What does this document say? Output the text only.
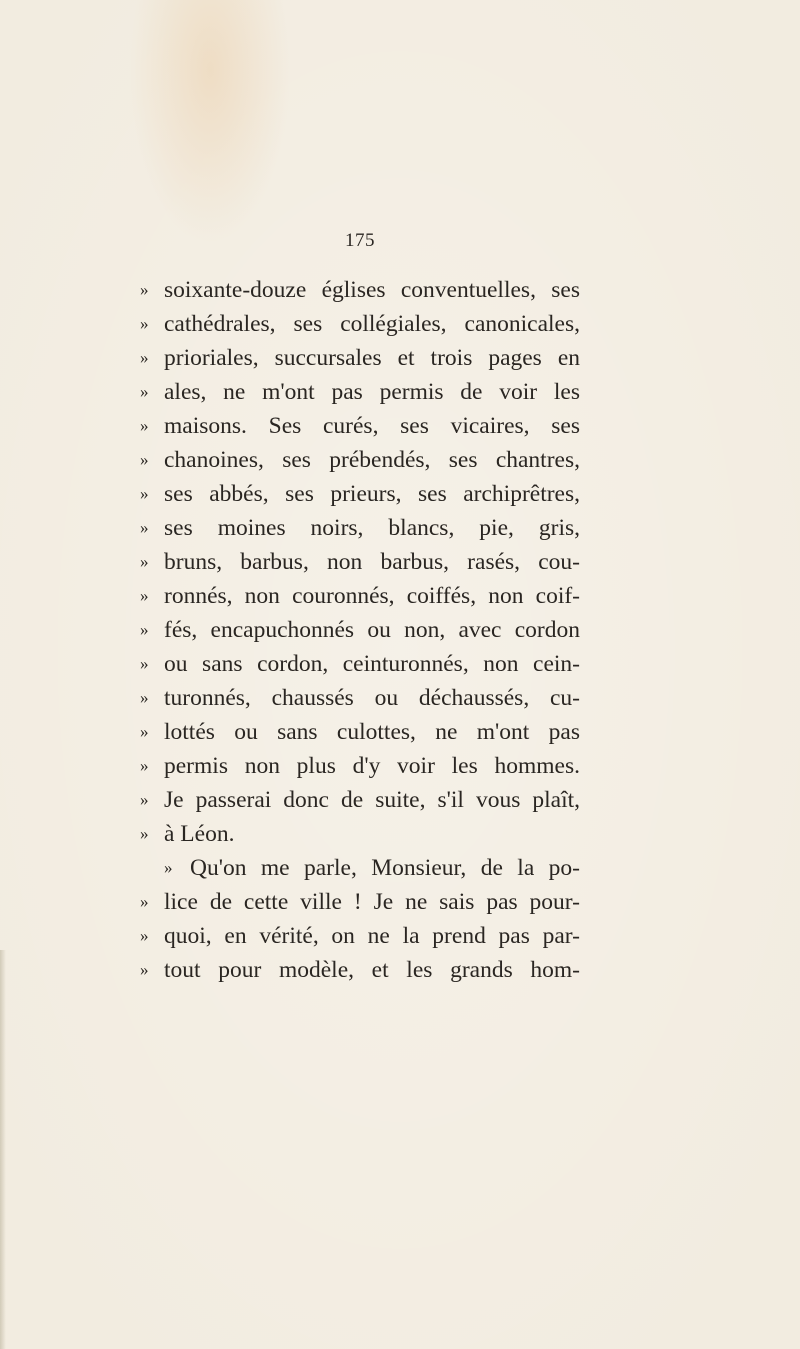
175
» soixante-douze églises conventuelles, ses
» cathédrales, ses collégiales, canonicales,
» prioriales, succursales et trois pages en
» ales, ne m'ont pas permis de voir les
» maisons. Ses curés, ses vicaires, ses
» chanoines, ses prébendés, ses chantres,
» ses abbés, ses prieurs, ses archiprêtres,
» ses moines noirs, blancs, pie, gris,
» bruns, barbus, non barbus, rasés, cou-
» ronnés, non couronnés, coiffés, non coif-
» fés, encapuchonnés ou non, avec cordon
» ou sans cordon, ceinturonnés, non cein-
» turonnés, chaussés ou déchaussés, cu-
» lottés ou sans culottes, ne m'ont pas
» permis non plus d'y voir les hommes.
» Je passerai donc de suite, s'il vous plaît,
» à Léon.
» Qu'on me parle, Monsieur, de la po-
» lice de cette ville ! Je ne sais pas pour-
» quoi, en vérité, on ne la prend pas par-
» tout pour modèle, et les grands hom-
